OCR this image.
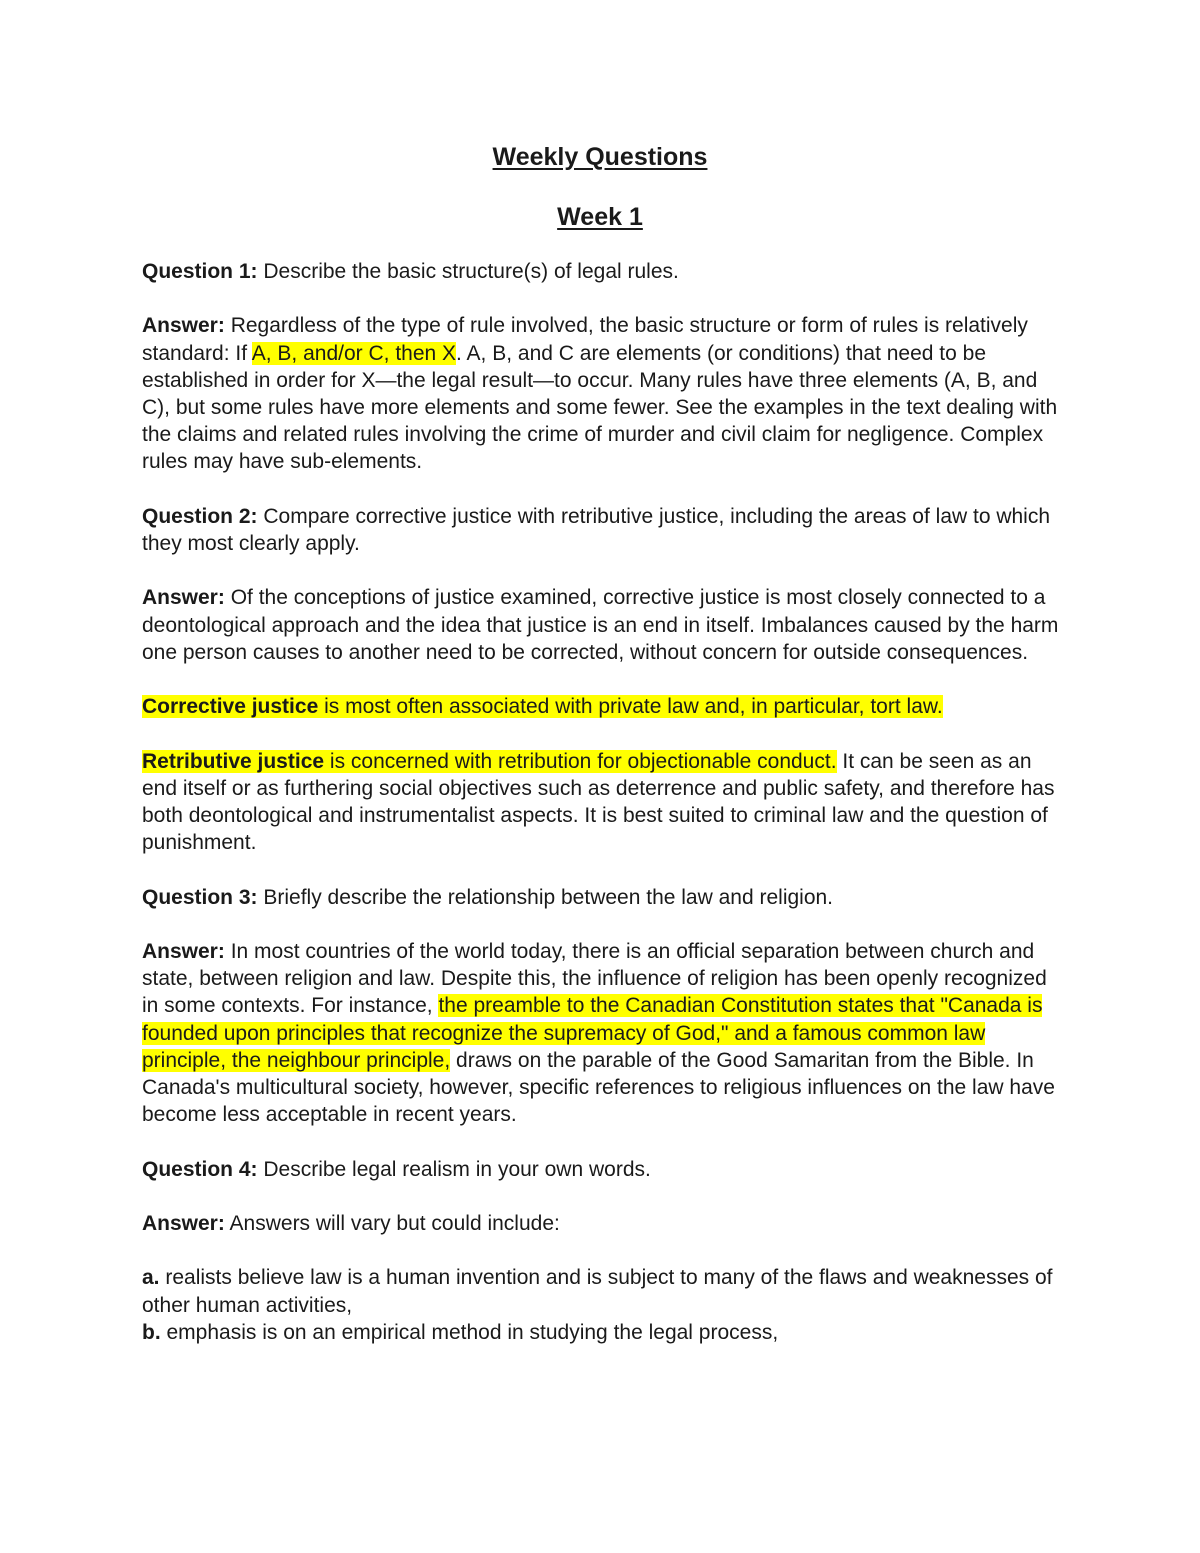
Weekly Questions
Week 1

Question 1: Describe the basic structure(s) of legal rules.

Answer: Regardless of the type of rule involved, the basic structure or form of rules is relatively standard: If A, B, and/or C, then X. A, B, and C are elements (or conditions) that need to be established in order for X—the legal result—to occur. Many rules have three elements (A, B, and C), but some rules have more elements and some fewer. See the examples in the text dealing with the claims and related rules involving the crime of murder and civil claim for negligence. Complex rules may have sub-elements.

Question 2: Compare corrective justice with retributive justice, including the areas of law to which they most clearly apply.

Answer: Of the conceptions of justice examined, corrective justice is most closely connected to a deontological approach and the idea that justice is an end in itself. Imbalances caused by the harm one person causes to another need to be corrected, without concern for outside consequences.

Corrective justice is most often associated with private law and, in particular, tort law.

Retributive justice is concerned with retribution for objectionable conduct. It can be seen as an end itself or as furthering social objectives such as deterrence and public safety, and therefore has both deontological and instrumentalist aspects. It is best suited to criminal law and the question of punishment.

Question 3: Briefly describe the relationship between the law and religion.

Answer: In most countries of the world today, there is an official separation between church and state, between religion and law. Despite this, the influence of religion has been openly recognized in some contexts. For instance, the preamble to the Canadian Constitution states that "Canada is founded upon principles that recognize the supremacy of God," and a famous common law principle, the neighbour principle, draws on the parable of the Good Samaritan from the Bible. In Canada's multicultural society, however, specific references to religious influences on the law have become less acceptable in recent years.

Question 4: Describe legal realism in your own words.

Answer: Answers will vary but could include:

a. realists believe law is a human invention and is subject to many of the flaws and weaknesses of other human activities,

b. emphasis is on an empirical method in studying the legal process,
